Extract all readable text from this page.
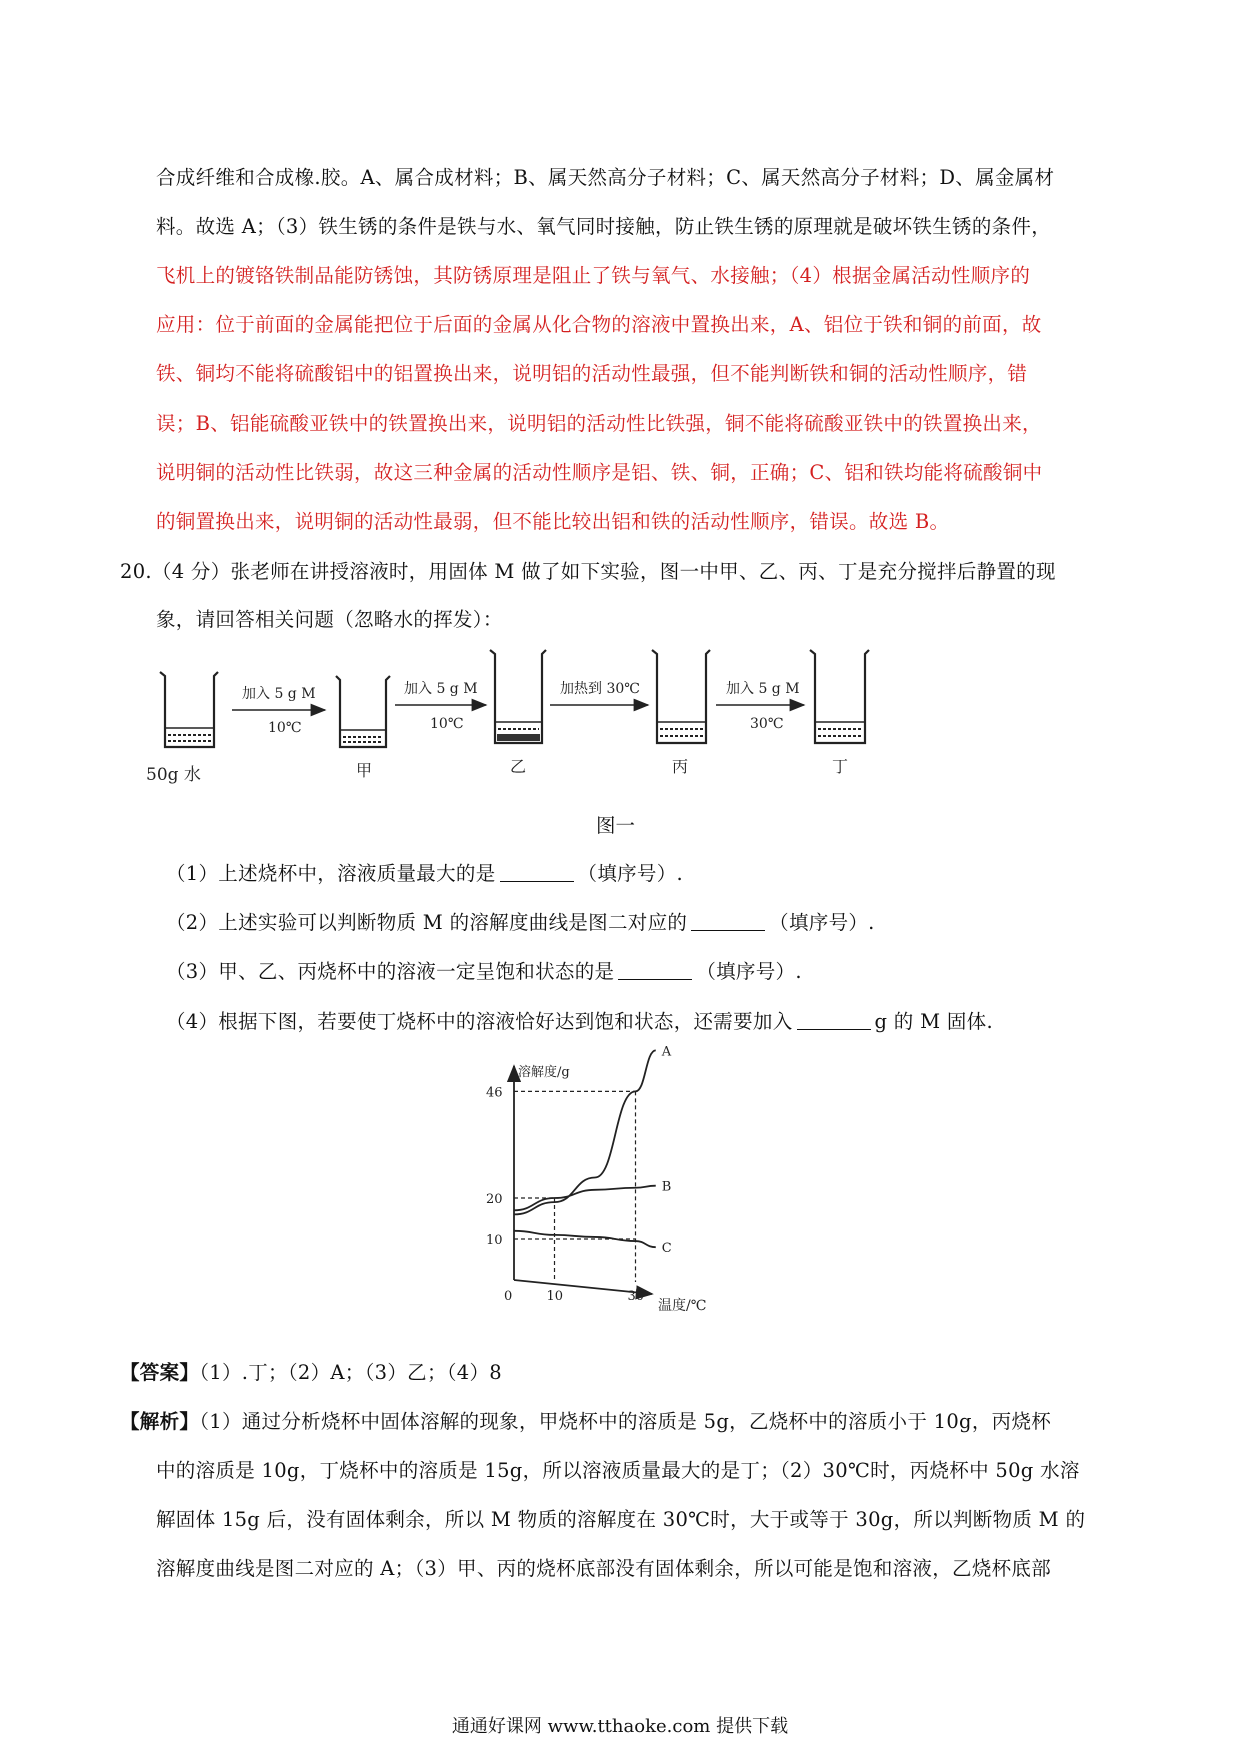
合成纤维和合成橡.胶。A、属合成材料；B、属天然高分子材料；C、属天然高分子材料；D、属金属材
料。故选 A；（3）铁生锈的条件是铁与水、氧气同时接触，防止铁生锈的原理就是破坏铁生锈的条件，
飞机上的镀铬铁制品能防锈蚀，其防锈原理是阻止了铁与氧气、水接触；（4）根据金属活动性顺序的
应用：位于前面的金属能把位于后面的金属从化合物的溶液中置换出来，A、铝位于铁和铜的前面，故
铁、铜均不能将硫酸铝中的铝置换出来，说明铝的活动性最强，但不能判断铁和铜的活动性顺序，错
误；B、铝能硫酸亚铁中的铁置换出来，说明铝的活动性比铁强，铜不能将硫酸亚铁中的铁置换出来，
说明铜的活动性比铁弱，故这三种金属的活动性顺序是铝、铁、铜，正确；C、铝和铁均能将硫酸铜中
的铜置换出来，说明铜的活动性最弱，但不能比较出铝和铁的活动性顺序，错误。故选 B。
20.（4 分）张老师在讲授溶液时，用固体 M 做了如下实验，图一中甲、乙、丙、丁是充分搅拌后静置的现
象，请回答相关问题（忽略水的挥发）：
50g 水
加入 5 g M
10℃
甲
加入 5 g M
10℃
乙
加热到 30℃
丙
加入 5 g M
30℃
丁
图一
（1）上述烧杯中，溶液质量最大的是	（填序号）.
（2）上述实验可以判断物质 M 的溶解度曲线是图二对应的	（填序号）.
（3）甲、乙、丙烧杯中的溶液一定呈饱和状态的是	（填序号）.
（4）根据下图，若要使丁烧杯中的溶液恰好达到饱和状态，还需要加入	g 的 M 固体.
溶解度/g
温度/℃
10
20
46
0	10	30
A
B
C
【答案】（1）.丁；（2）A；（3）乙；（4）8
【解析】（1）通过分析烧杯中固体溶解的现象，甲烧杯中的溶质是 5g，乙烧杯中的溶质小于 10g，丙烧杯
中的溶质是 10g，丁烧杯中的溶质是 15g，所以溶液质量最大的是丁；（2）30℃时，丙烧杯中 50g 水溶
解固体 15g 后，没有固体剩余，所以 M 物质的溶解度在 30℃时，大于或等于 30g，所以判断物质 M 的
溶解度曲线是图二对应的 A；（3）甲、丙的烧杯底部没有固体剩余，所以可能是饱和溶液，乙烧杯底部
通通好课网 www.tthaoke.com 提供下载
